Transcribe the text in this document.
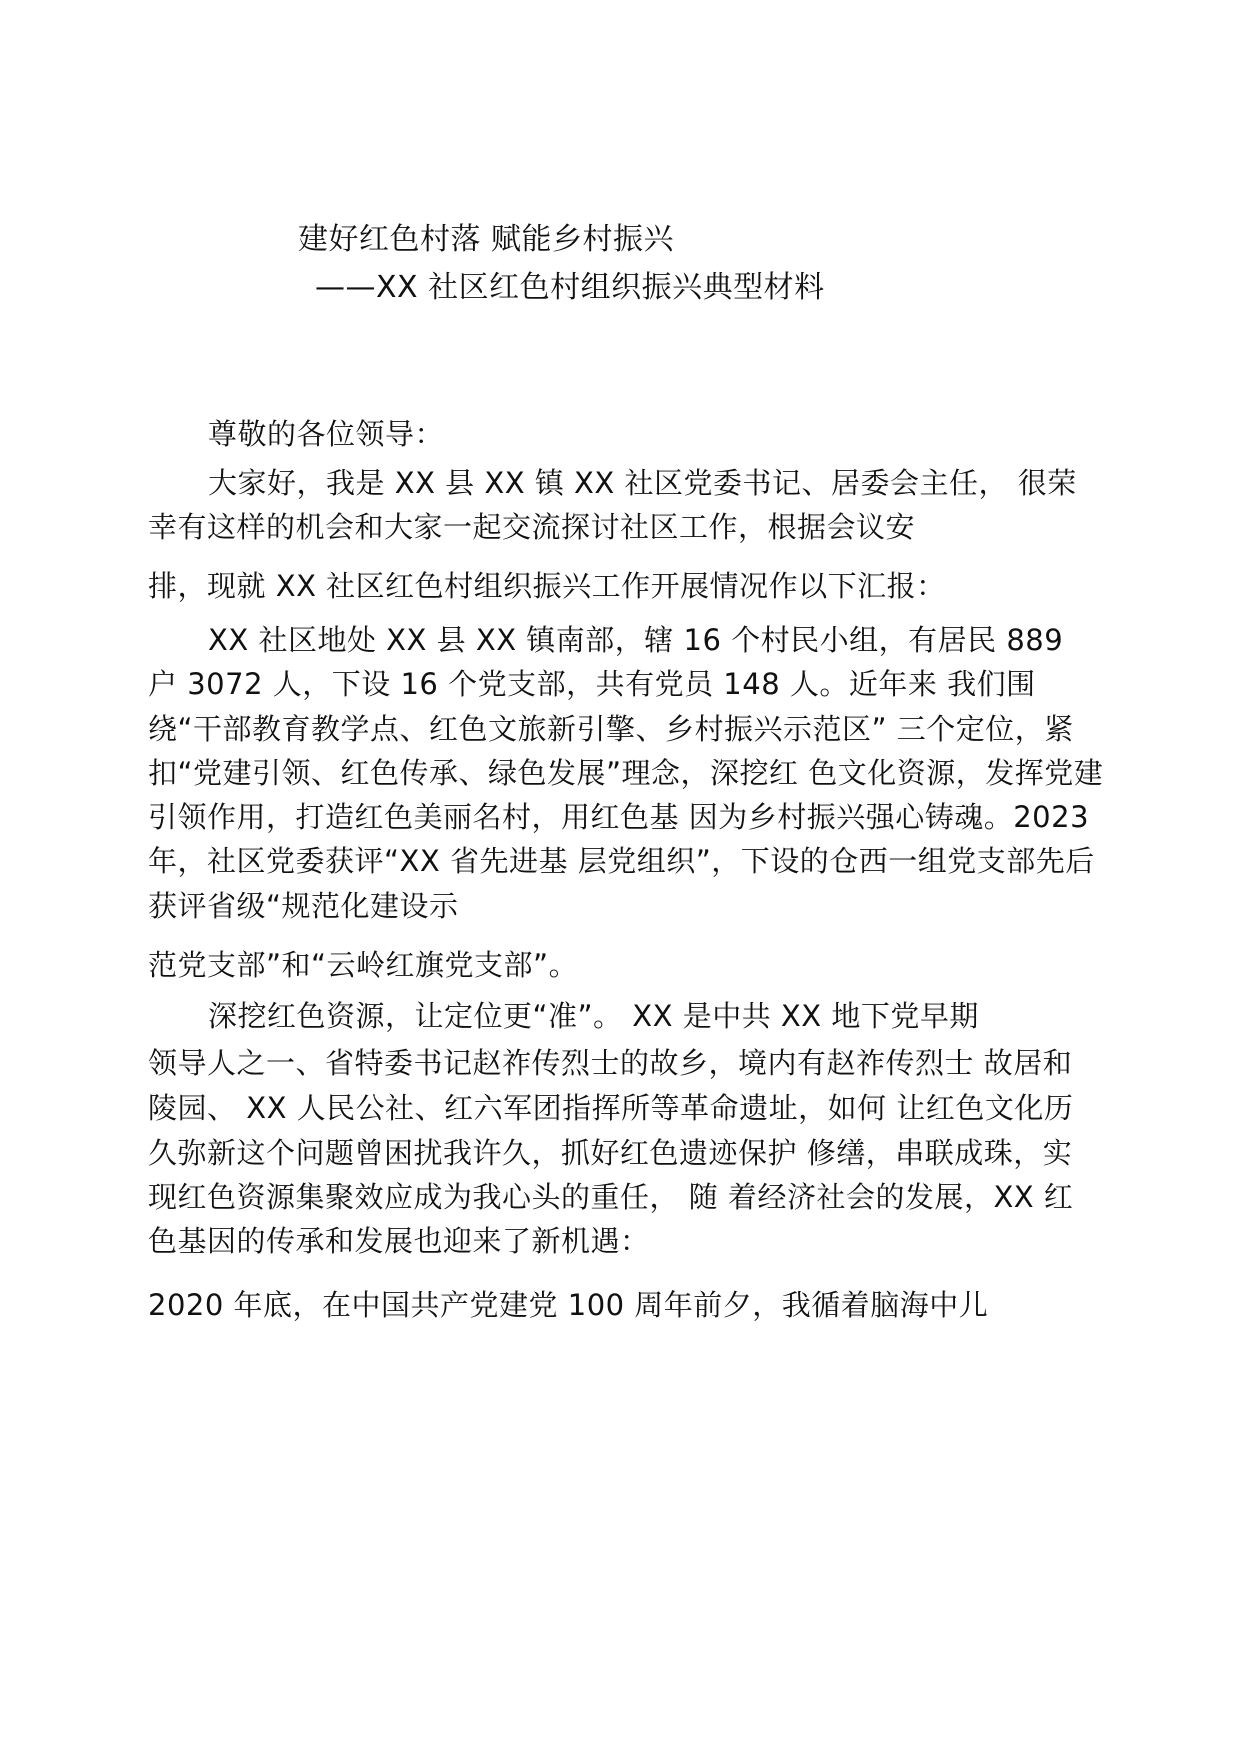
建好红色村落 赋能乡村振兴
——XX 社区红色村组织振兴典型材料
尊敬的各位领导：
大家好，我是 XX 县 XX 镇 XX 社区党委书记、居委会主任， 很荣
幸有这样的机会和大家一起交流探讨社区工作，根据会议安
排，现就 XX 社区红色村组织振兴工作开展情况作以下汇报：
XX 社区地处 XX 县 XX 镇南部，辖 16 个村民小组，有居民 889
户 3072 人，下设 16 个党支部，共有党员 148 人。近年来 我们围
绕“干部教育教学点、红色文旅新引擎、乡村振兴示范区” 三个定位，紧
扣“党建引领、红色传承、绿色发展”理念，深挖红 色文化资源，发挥党建
引领作用，打造红色美丽名村，用红色基 因为乡村振兴强心铸魂。2023
年，社区党委获评“XX 省先进基 层党组织”，下设的仓西一组党支部先后
获评省级“规范化建设示
范党支部”和“云岭红旗党支部”。
深挖红色资源，让定位更“准”。 XX 是中共 XX 地下党早期
领导人之一、省特委书记赵祚传烈士的故乡，境内有赵祚传烈士 故居和
陵园、 XX 人民公社、红六军团指挥所等革命遗址，如何 让红色文化历
久弥新这个问题曾困扰我许久，抓好红色遗迹保护 修缮，串联成珠，实
现红色资源集聚效应成为我心头的重任， 随 着经济社会的发展，XX 红
色基因的传承和发展也迎来了新机遇：
2020 年底，在中国共产党建党 100 周年前夕，我循着脑海中儿
